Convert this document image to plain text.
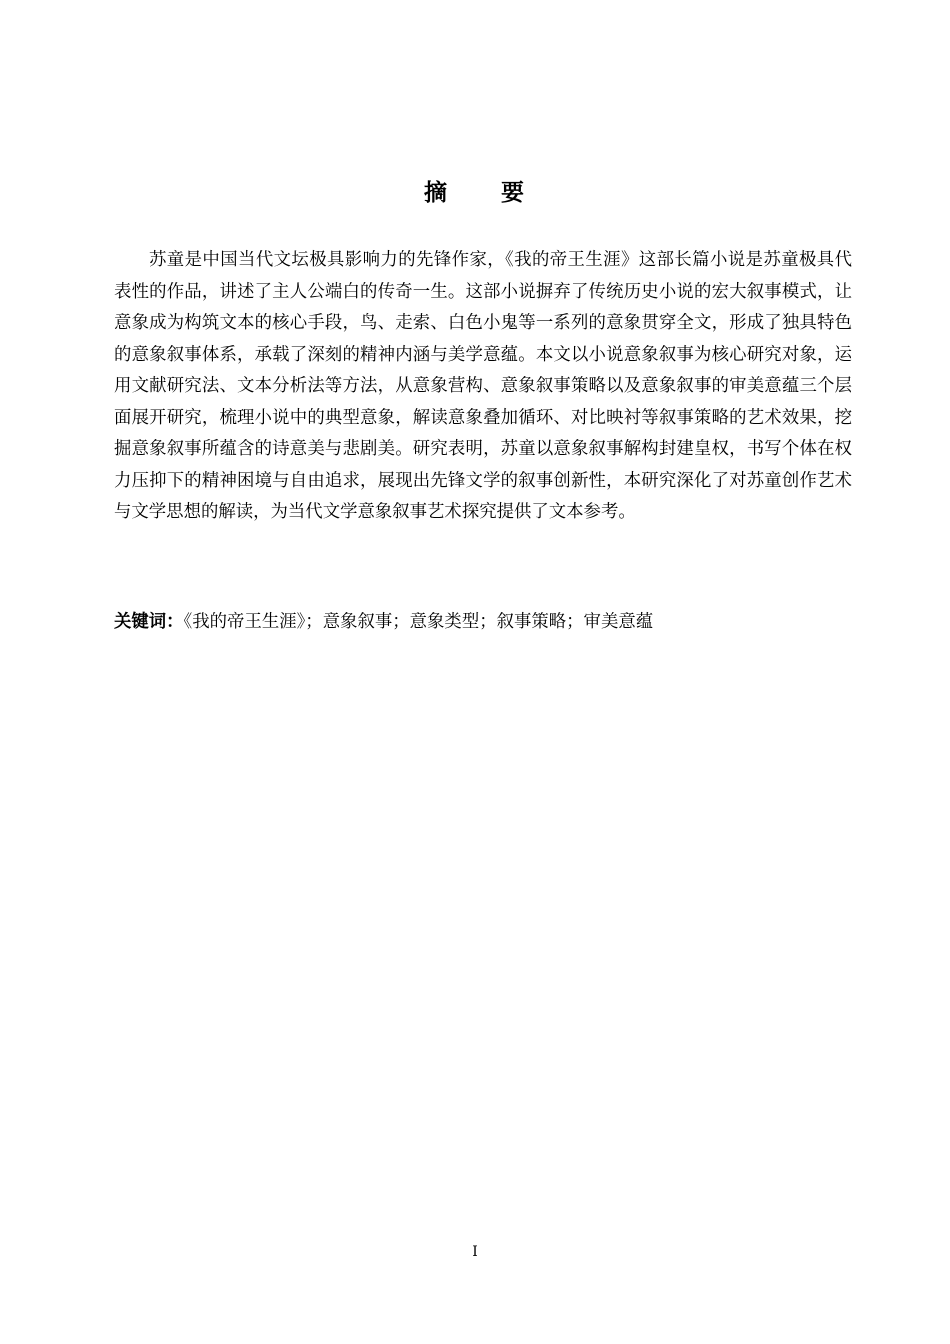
摘 要

苏童是中国当代文坛极具影响力的先锋作家，《我的帝王生涯》这部长篇小说是苏童极具代表性的作品，讲述了主人公端白的传奇一生。这部小说摒弃了传统历史小说的宏大叙事模式，让意象成为构筑文本的核心手段，鸟、走索、白色小鬼等一系列的意象贯穿全文，形成了独具特色的意象叙事体系，承载了深刻的精神内涵与美学意蕴。本文以小说意象叙事为核心研究对象，运用文献研究法、文本分析法等方法，从意象营构、意象叙事策略以及意象叙事的审美意蕴三个层面展开研究，梳理小说中的典型意象，解读意象叠加循环、对比映衬等叙事策略的艺术效果，挖掘意象叙事所蕴含的诗意美与悲剧美。研究表明，苏童以意象叙事解构封建皇权，书写个体在权力压抑下的精神困境与自由追求，展现出先锋文学的叙事创新性，本研究深化了对苏童创作艺术与文学思想的解读，为当代文学意象叙事艺术探究提供了文本参考。

关键词：《我的帝王生涯》；意象叙事；意象类型；叙事策略；审美意蕴

I
